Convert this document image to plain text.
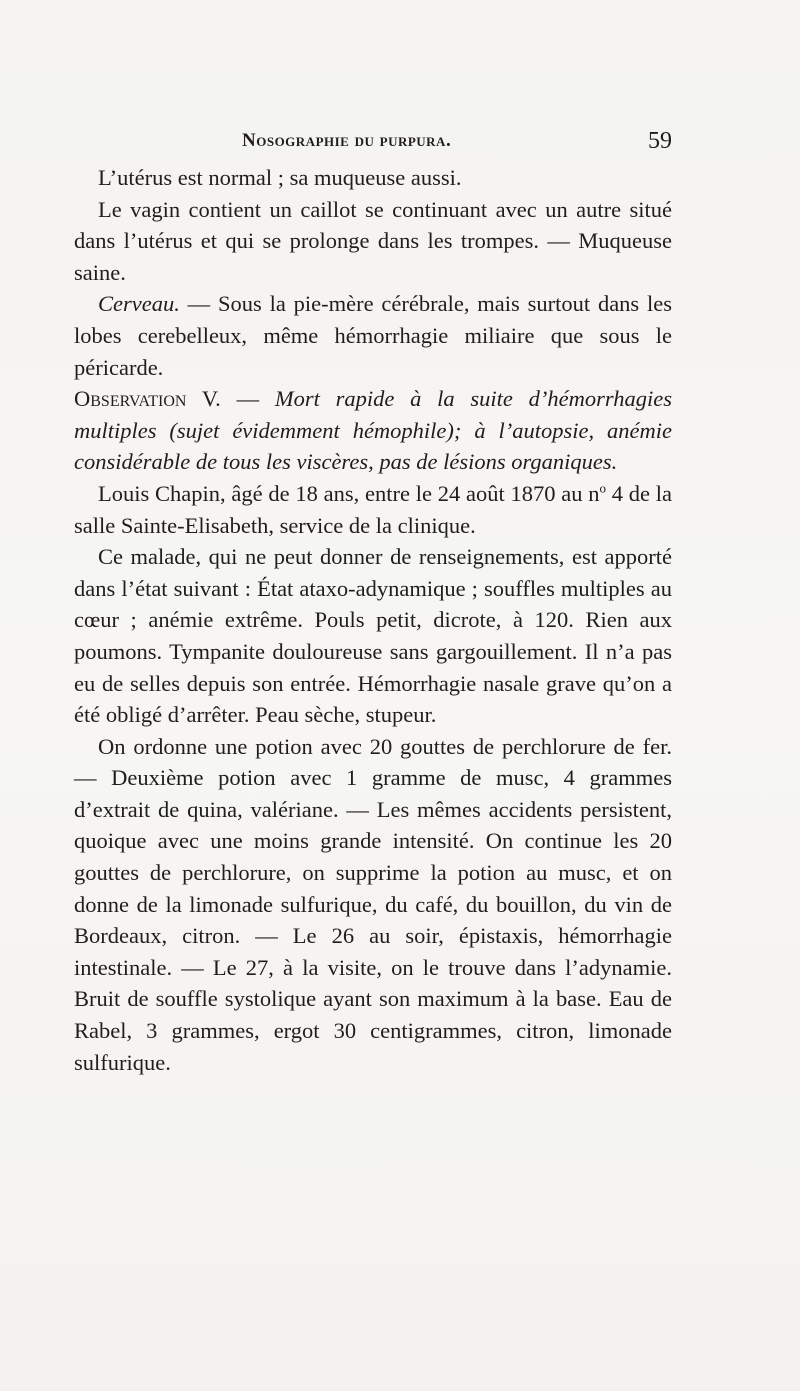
Nosographie du purpura.	59

L’utérus est normal ; sa muqueuse aussi.

Le vagin contient un caillot se continuant avec un autre situé dans l’utérus et qui se prolonge dans les trompes. — Muqueuse saine.

Cerveau. — Sous la pie-mère cérébrale, mais surtout dans les lobes cerebelleux, même hémorrhagie miliaire que sous le péricarde.

Observation V. — Mort rapide à la suite d’hémorrhagies multiples (sujet évidemment hémophile); à l’autopsie, anémie considérable de tous les viscères, pas de lésions organiques.

Louis Chapin, âgé de 18 ans, entre le 24 août 1870 au $n^o$ 4 de la salle Sainte-Elisabeth, service de la clinique.

Ce malade, qui ne peut donner de renseignements, est apporté dans l’état suivant : État ataxo-adynamique ; souffles multiples au cœur ; anémie extrême. Pouls petit, dicrote, à 120. Rien aux poumons. Tympanite douloureuse sans gargouillement. Il n’a pas eu de selles depuis son entrée. Hémorrhagie nasale grave qu’on a été obligé d’arrêter. Peau sèche, stupeur.

On ordonne une potion avec 20 gouttes de perchlorure de fer. — Deuxième potion avec 1 gramme de musc, 4 grammes d’extrait de quina, valériane. — Les mêmes accidents persistent, quoique avec une moins grande intensité. On continue les 20 gouttes de perchlorure, on supprime la potion au musc, et on donne de la limonade sulfurique, du café, du bouillon, du vin de Bordeaux, citron. — Le 26 au soir, épistaxis, hémorrhagie intestinale. — Le 27, à la visite, on le trouve dans l’adynamie. Bruit de souffle systolique ayant son maximum à la base. Eau de Rabel, 3 grammes, ergot 30 centigrammes, citron, limonade sulfurique.
